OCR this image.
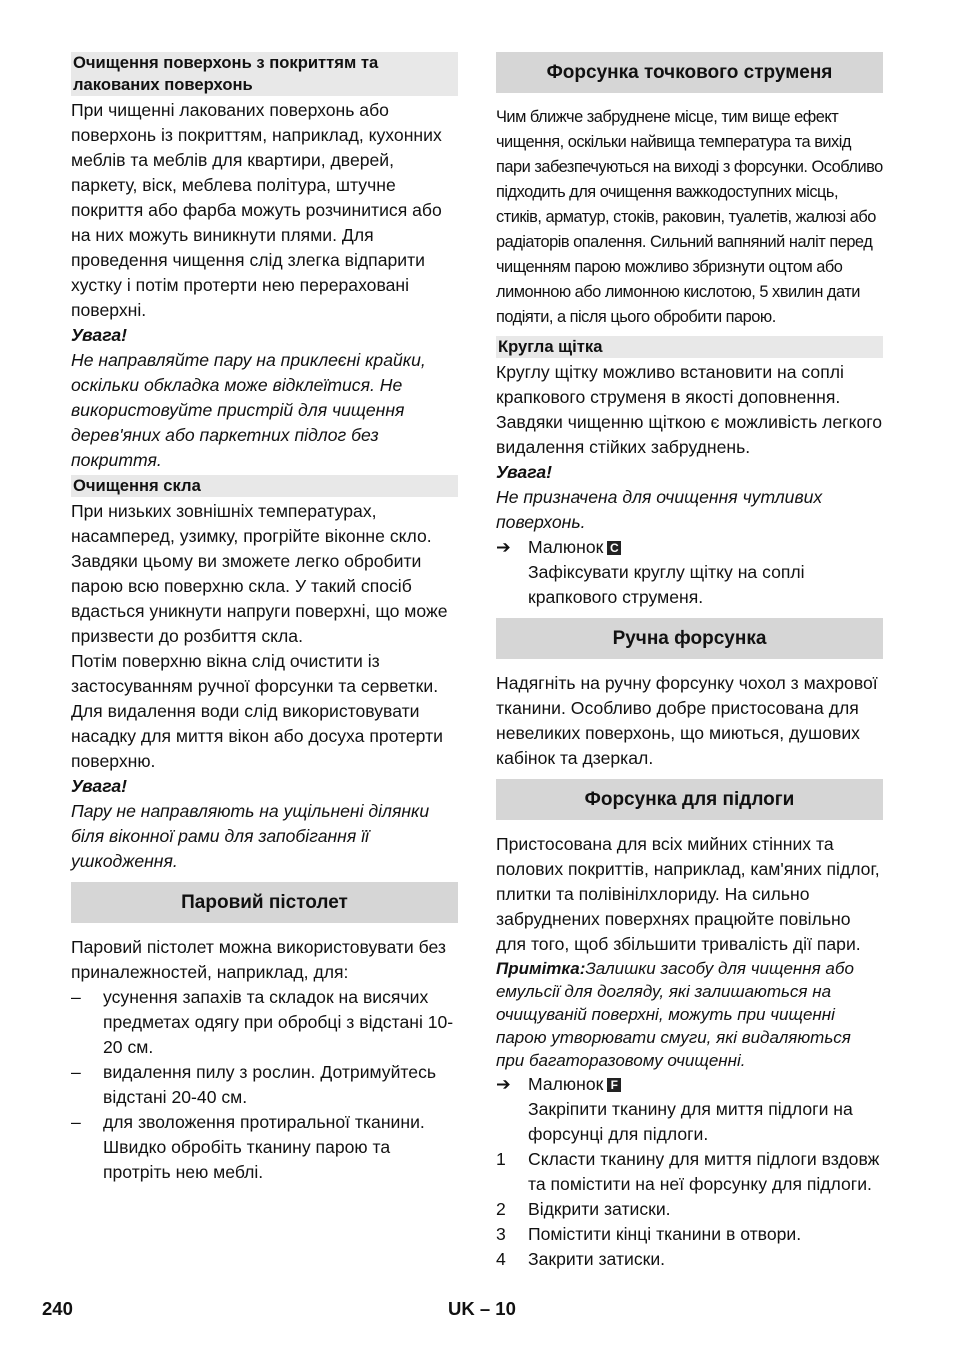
Очищення поверхонь з покриттям та лакованих поверхонь

При чищенні лакованих поверхонь або поверхонь із покриттям, наприклад, кухонних меблів та меблів для квартири, дверей, паркету, віск, меблева політура, штучне покриття або фарба можуть розчинитися або на них можуть виникнути плями. Для проведення чищення слід злегка відпарити хустку і потім протерти нею перераховані поверхні.

Увага!

Не направляйте пару на приклеєні крайки, оскільки обкладка може відклеїтися. Не використовуйте пристрій для чищення дерев'яних або паркетних підлог без покриття.

Очищення скла

При низьких зовнішніх температурах, насамперед, узимку, прогрійте віконне скло. Завдяки цьому ви зможете легко обробити парою всю поверхню скла. У такий спосіб вдасться уникнути напруги поверхні, що може призвести до розбиття скла.

Потім поверхню вікна слід очистити із застосуванням ручної форсунки та серветки. Для видалення води слід використовувати насадку для миття вікон або досуха протерти поверхню.

Увага!

Пару не направляють на ущільнені ділянки біля віконної рами для запобігання її ушкодження.

Паровий пістолет

Паровий пістолет можна використовувати без приналежностей, наприклад, для:

– усунення запахів та складок на висячих предметах одягу при обробці з відстані 10-20 см.
– видалення пилу з рослин. Дотримуйтесь відстані 20-40 см.
– для зволоження протиральної тканини. Швидко обробіть тканину парою та протріть нею меблі.
Форсунка точкового струменя

Чим ближче забруднене місце, тим вище ефект чищення, оскільки найвища температура та вихід пари забезпечуються на виході з форсунки. Особливо підходить для очищення важкодоступних місць, стиків, арматур, стоків, раковин, туалетів, жалюзі або радіаторів опалення. Сильний вапняний наліт перед чищенням парою можливо збризнути оцтом або лимонною або лимонною кислотою, 5 хвилин дати подіяти, а після цього обробити парою.

Кругла щітка

Круглу щітку можливо встановити на соплі крапкового струменя в якості доповнення. Завдяки чищенню щіткою є можливість легкого видалення стійких забруднень.

Увага!

Не призначена для очищення чутливих поверхонь.

➔ Малюнок C
Зафіксувати круглу щітку на соплі крапкового струменя.
Ручна форсунка

Надягніть на ручну форсунку чохол з махрової тканини. Особливо добре пристосована для невеликих поверхонь, що миються, душових кабінок та дзеркал.

Форсунка для підлоги

Пристосована для всіх мийних стінних та полових покриттів, наприклад, кам'яних підлог, плитки та полівінілхлориду. На сильно забруднених поверхнях працюйте повільно для того, щоб збільшити тривалість дії пари.

Примітка:Залишки засобу для чищення або емульсії для догляду, які залишаються на очищуваній поверхні, можуть при чищенні парою утворювати смуги, які видаляються при багаторазовому очищенні.

➔ Малюнок F
Закріпити тканину для миття підлоги на форсунці для підлоги.
1 Скласти тканину для миття підлоги вздовж та помістити на неї форсунку для підлоги.
2 Відкрити затиски.
3 Помістити кінці тканини в отвори.
4 Закрити затиски.
240	UK – 10
